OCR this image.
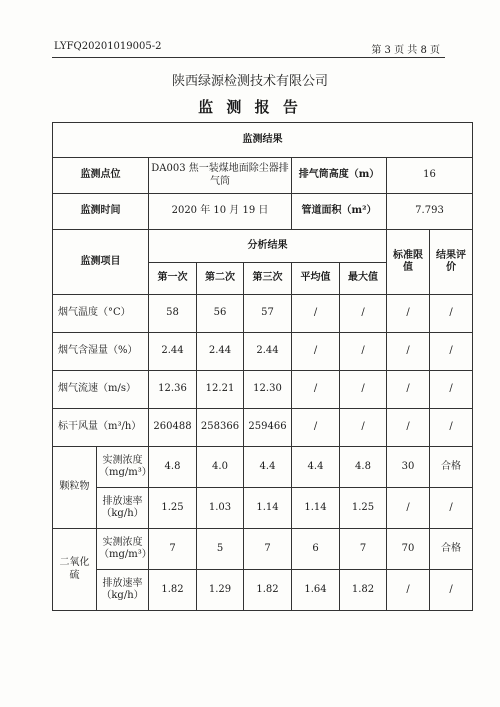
LYFQ20201019005-2	第 3 页 共 8 页
陕西绿源检测技术有限公司
监 测 报 告
监测结果								
监测点位		DA003 焦一装煤地面除尘器排气筒			排气筒高度（m）		16	
监测时间		2020 年 10 月 19 日			管道面积（m²）		7.793	
监测项目		分析结果					标准限值	结果评价
		第一次	第二次	第三次	平均值	最大值		
烟气温度（°C）		58	56	57	/	/	/	/
烟气含湿量（%）		2.44	2.44	2.44	/	/	/	/
烟气流速（m/s）		12.36	12.21	12.30	/	/	/	/
标干风量（m³/h）		260488	258366	259466	/	/	/	/
颗粒物	实测浓度（mg/m³）	4.8	4.0	4.4	4.4	4.8	30	合格
	排放速率（kg/h）	1.25	1.03	1.14	1.14	1.25	/	/
二氧化硫	实测浓度（mg/m³）	7	5	7	6	7	70	合格
	排放速率（kg/h）	1.82	1.29	1.82	1.64	1.82	/	/
